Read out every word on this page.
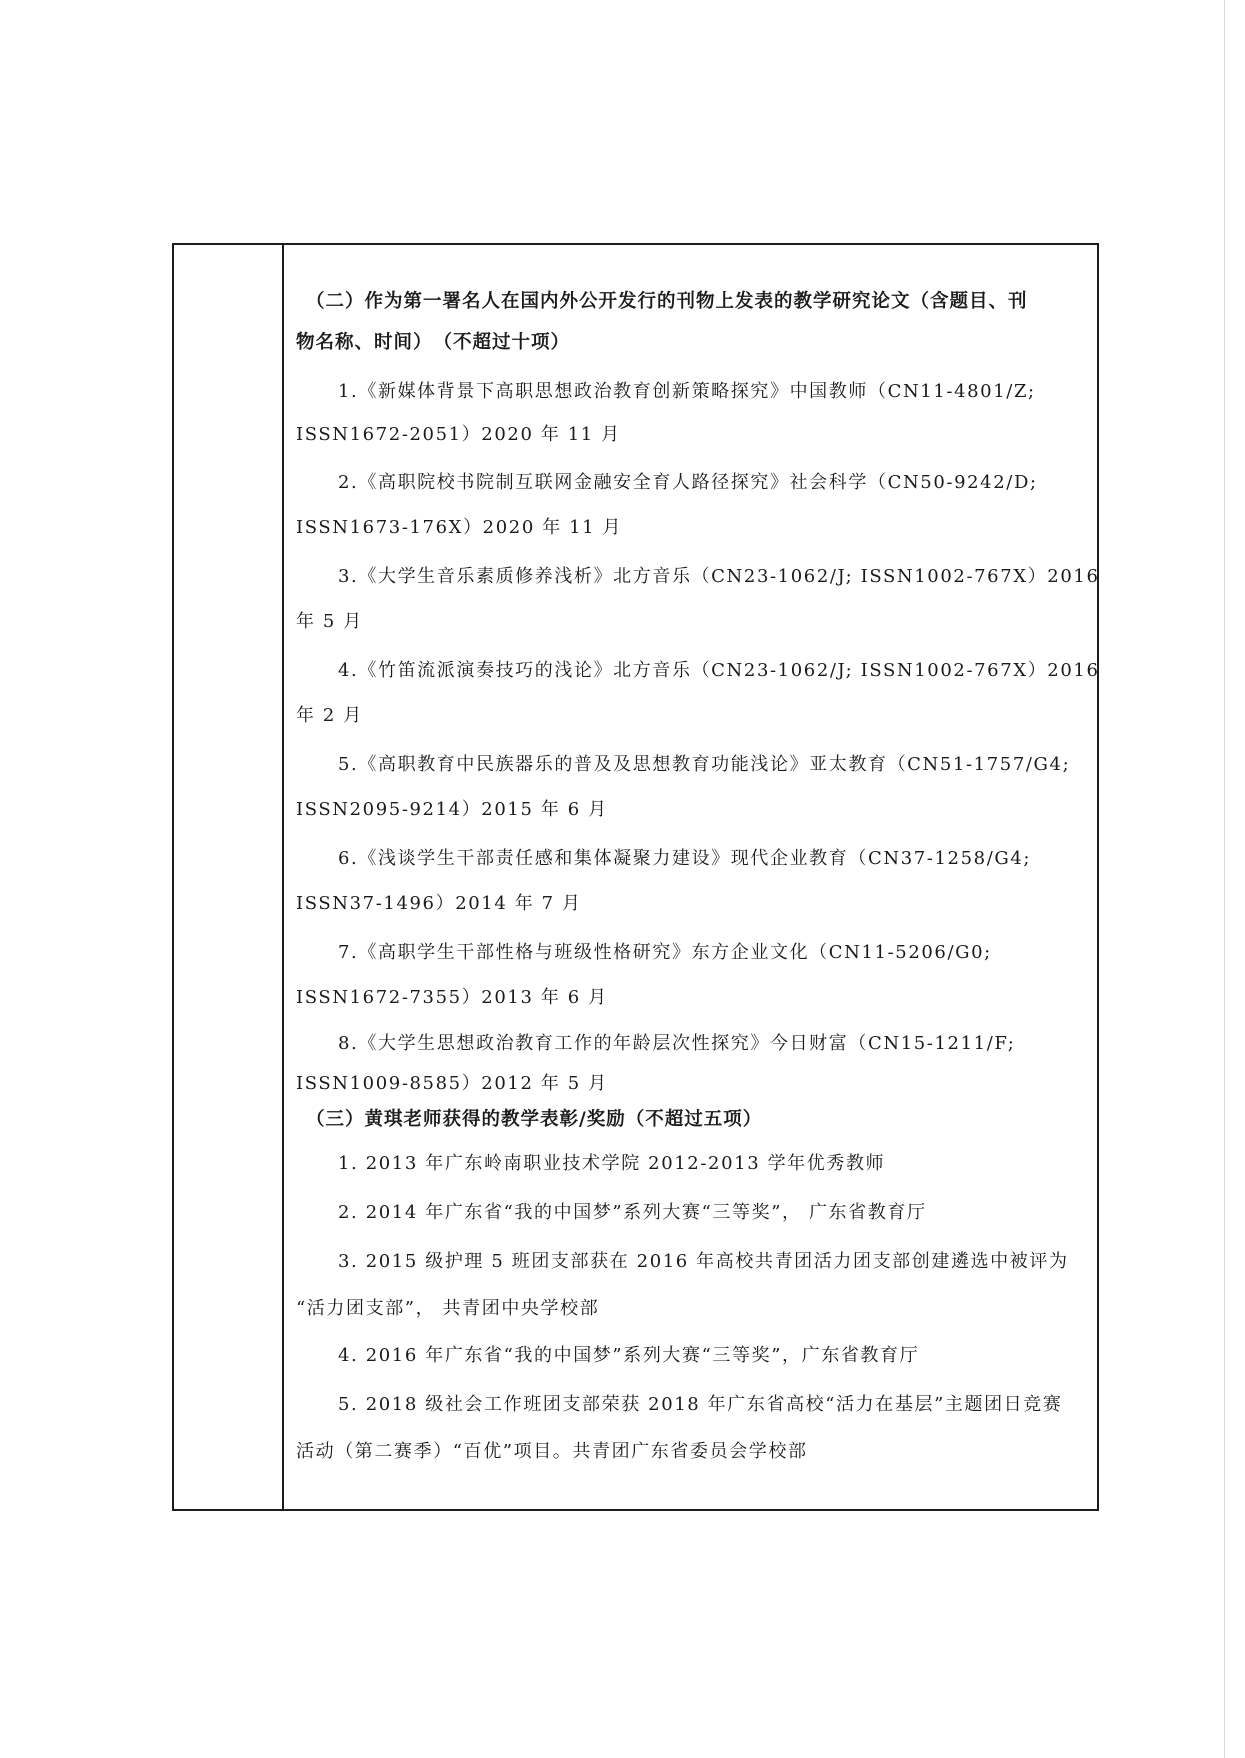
（二）作为第一署名人在国内外公开发行的刊物上发表的教学研究论文（含题目、刊
物名称、时间）　（不超过十项）
1.《新媒体背景下高职思想政治教育创新策略探究》中国教师（CN11-4801/Z;
ISSN1672-2051）2020 年 11 月
2.《高职院校书院制互联网金融安全育人路径探究》社会科学（CN50-9242/D;
ISSN1673-176X）2020 年 11 月
3.《大学生音乐素质修养浅析》北方音乐（CN23-1062/J; ISSN1002-767X）2016
年 5 月
4.《竹笛流派演奏技巧的浅论》北方音乐（CN23-1062/J; ISSN1002-767X）2016
年 2 月
5.《高职教育中民族器乐的普及及思想教育功能浅论》亚太教育（CN51-1757/G4;
ISSN2095-9214）2015 年 6 月
6.《浅谈学生干部责任感和集体凝聚力建设》现代企业教育（CN37-1258/G4;
ISSN37-1496）2014 年 7 月
7.《高职学生干部性格与班级性格研究》东方企业文化（CN11-5206/G0;
ISSN1672-7355）2013 年 6 月
8.《大学生思想政治教育工作的年龄层次性探究》今日财富（CN15-1211/F;
ISSN1009-8585）2012 年 5 月
（三）黄琪老师获得的教学表彰/奖励（不超过五项）
1. 2013 年广东岭南职业技术学院 2012-2013 学年优秀教师
2. 2014 年广东省“我的中国梦”系列大赛“三等奖”， 广东省教育厅
3. 2015 级护理 5 班团支部获在 2016 年高校共青团活力团支部创建遴选中被评为
“活力团支部”， 共青团中央学校部
4. 2016 年广东省“我的中国梦”系列大赛“三等奖”，广东省教育厅
5. 2018 级社会工作班团支部荣获 2018 年广东省高校“活力在基层”主题团日竞赛
活动（第二赛季）“百优”项目。共青团广东省委员会学校部
